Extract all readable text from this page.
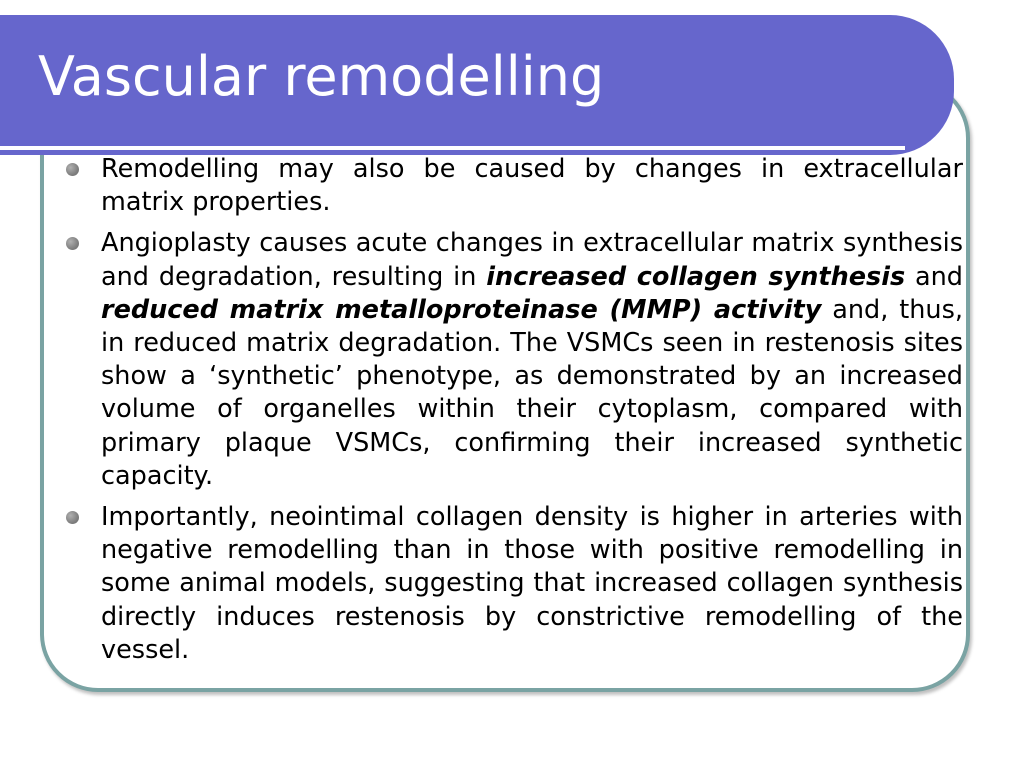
Vascular remodelling
Remodelling may also be caused by changes in extracellular matrix properties.
Angioplasty causes acute changes in extracellular matrix synthesis and degradation, resulting in increased collagen synthesis and reduced matrix metalloproteinase (MMP) activity and, thus, in reduced matrix degradation. The VSMCs seen in restenosis sites show a ‘synthetic’ phenotype, as demonstrated by an increased volume of organelles within their cytoplasm, compared with primary plaque VSMCs, confirming their increased synthetic capacity.
Importantly, neointimal collagen density is higher in arteries with negative remodelling than in those with positive remodelling in some animal models, suggesting that increased collagen synthesis directly induces restenosis by constrictive remodelling of the vessel.
